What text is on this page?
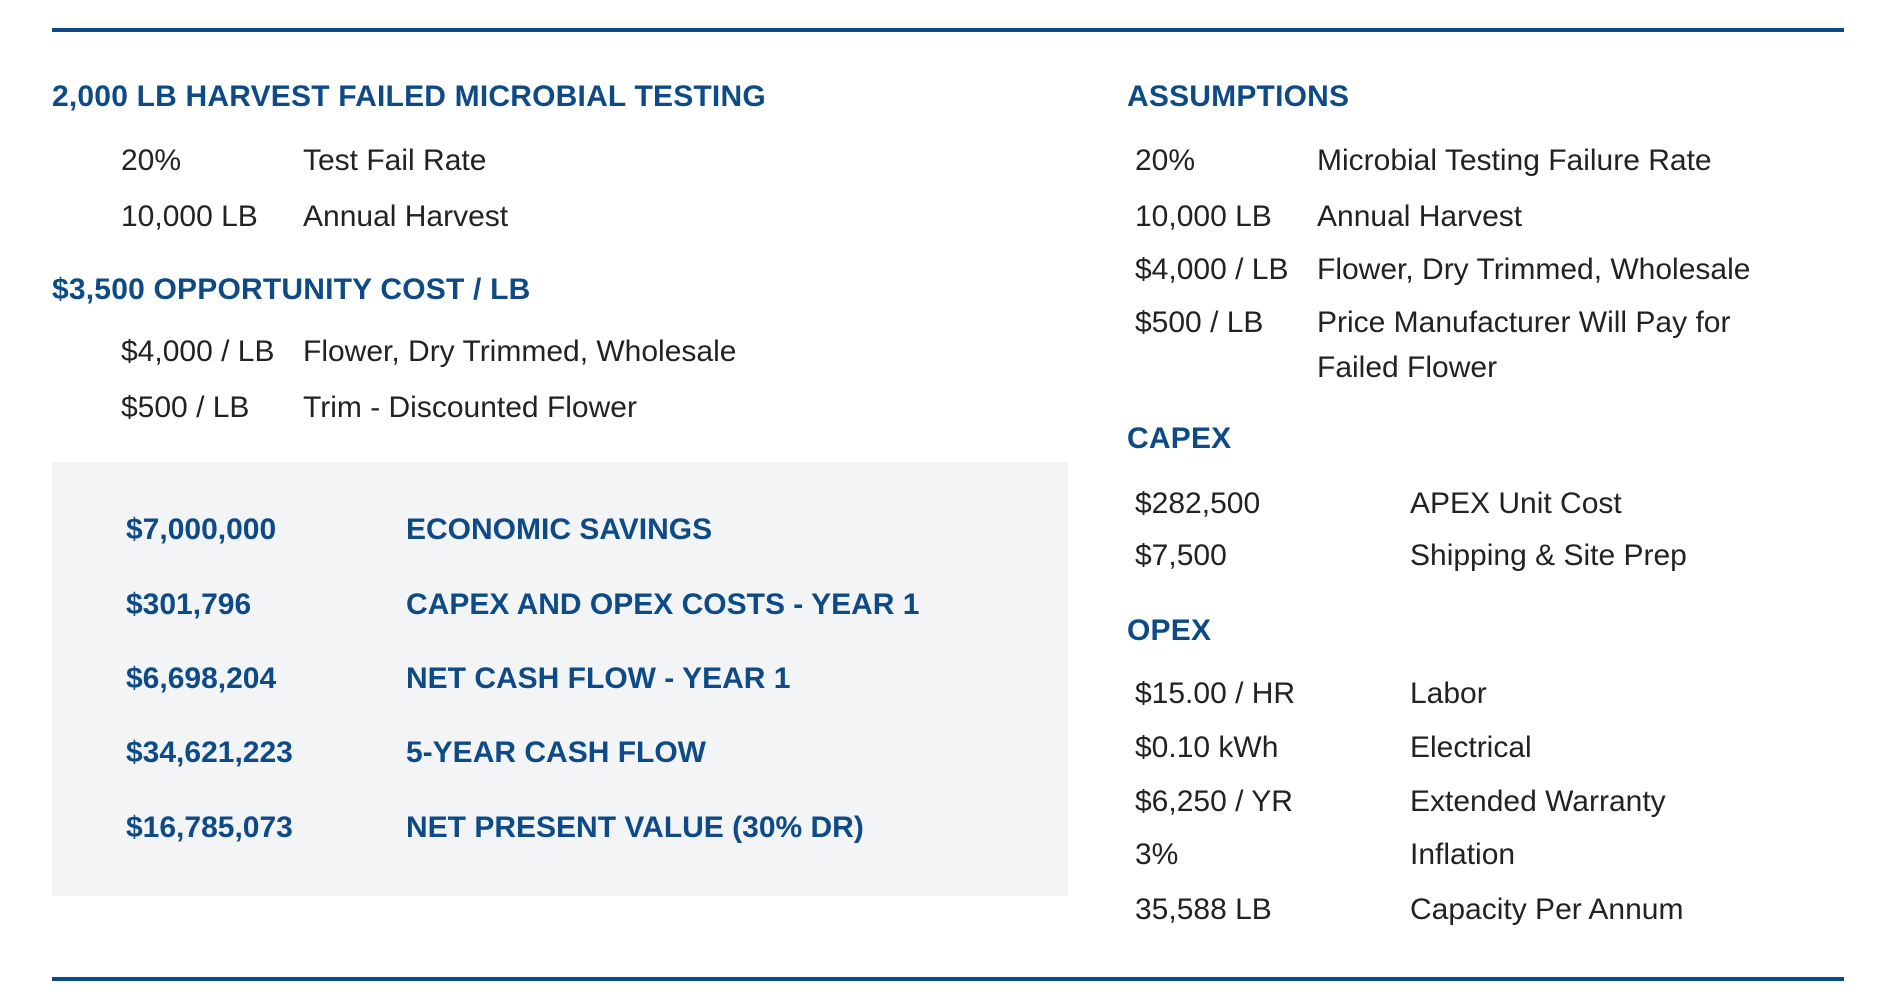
2,000 LB HARVEST FAILED MICROBIAL TESTING
20%	Test Fail Rate
10,000 LB Annual Harvest
$3,500 OPPORTUNITY COST / LB
$4,000 / LB Flower, Dry Trimmed, Wholesale
$500 / LB Trim - Discounted Flower
$7,000,000	ECONOMIC SAVINGS
$301,796	CAPEX AND OPEX COSTS - YEAR 1
$6,698,204	NET CASH FLOW - YEAR 1
$34,621,223	5-YEAR CASH FLOW
$16,785,073	NET PRESENT VALUE (30% DR)
ASSUMPTIONS
20%	Microbial Testing Failure Rate
10,000 LB Annual Harvest
$4,000 / LB Flower, Dry Trimmed, Wholesale
$500 / LB Price Manufacturer Will Pay for
Failed Flower
CAPEX
$282,500	APEX Unit Cost
$7,500	Shipping & Site Prep
OPEX
$15.00 / HR	Labor
$0.10 kWh	Electrical
$6,250 / YR	Extended Warranty
3%	Inflation
35,588 LB	Capacity Per Annum
